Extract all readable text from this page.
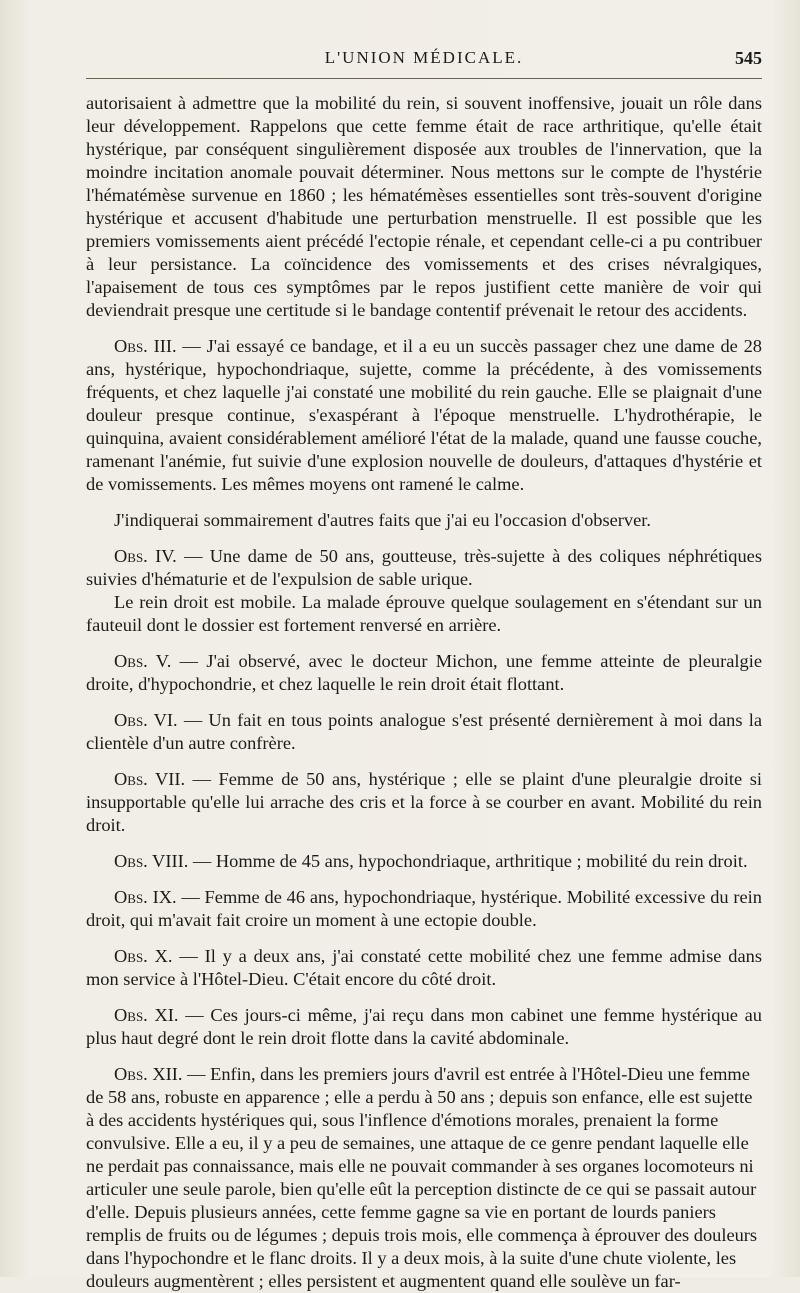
L'UNION MÉDICALE.	545

autorisaient à admettre que la mobilité du rein, si souvent inoffensive, jouait un rôle dans leur développement. Rappelons que cette femme était de race arthritique, qu'elle était hystérique, par conséquent singulièrement disposée aux troubles de l'innervation, que la moindre incitation anomale pouvait déterminer. Nous mettons sur le compte de l'hystérie l'hématémèse survenue en 1860 ; les hématémèses essentielles sont très-souvent d'origine hystérique et accusent d'habitude une perturbation menstruelle. Il est possible que les premiers vomissements aient précédé l'ectopie rénale, et cependant celle-ci a pu contribuer à leur persistance. La coïncidence des vomissements et des crises névralgiques, l'apaisement de tous ces symptômes par le repos justifient cette manière de voir qui deviendrait presque une certitude si le bandage contentif prévenait le retour des accidents.

Obs. III. — J'ai essayé ce bandage, et il a eu un succès passager chez une dame de 28 ans, hystérique, hypochondriaque, sujette, comme la précédente, à des vomissements fréquents, et chez laquelle j'ai constaté une mobilité du rein gauche. Elle se plaignait d'une douleur presque continue, s'exaspérant à l'époque menstruelle. L'hydrothérapie, le quinquina, avaient considérablement amélioré l'état de la malade, quand une fausse couche, ramenant l'anémie, fut suivie d'une explosion nouvelle de douleurs, d'attaques d'hystérie et de vomissements. Les mêmes moyens ont ramené le calme.

J'indiquerai sommairement d'autres faits que j'ai eu l'occasion d'observer.

Obs. IV. — Une dame de 50 ans, goutteuse, très-sujette à des coliques néphrétiques suivies d'hématurie et de l'expulsion de sable urique.

Le rein droit est mobile. La malade éprouve quelque soulagement en s'étendant sur un fauteuil dont le dossier est fortement renversé en arrière.

Obs. V. — J'ai observé, avec le docteur Michon, une femme atteinte de pleuralgie droite, d'hypochondrie, et chez laquelle le rein droit était flottant.

Obs. VI. — Un fait en tous points analogue s'est présenté dernièrement à moi dans la clientèle d'un autre confrère.

Obs. VII. — Femme de 50 ans, hystérique ; elle se plaint d'une pleuralgie droite si insupportable qu'elle lui arrache des cris et la force à se courber en avant. Mobilité du rein droit.

Obs. VIII. — Homme de 45 ans, hypochondriaque, arthritique ; mobilité du rein droit.

Obs. IX. — Femme de 46 ans, hypochondriaque, hystérique. Mobilité excessive du rein droit, qui m'avait fait croire un moment à une ectopie double.

Obs. X. — Il y a deux ans, j'ai constaté cette mobilité chez une femme admise dans mon service à l'Hôtel-Dieu. C'était encore du côté droit.

Obs. XI. — Ces jours-ci même, j'ai reçu dans mon cabinet une femme hystérique au plus haut degré dont le rein droit flotte dans la cavité abdominale.

Obs. XII. — Enfin, dans les premiers jours d'avril est entrée à l'Hôtel-Dieu une femme de 58 ans, robuste en apparence ; elle a perdu à 50 ans ; depuis son enfance, elle est sujette à des accidents hystériques qui, sous l'inflence d'émotions morales, prenaient la forme convulsive. Elle a eu, il y a peu de semaines, une attaque de ce genre pendant laquelle elle ne perdait pas connaissance, mais elle ne pouvait commander à ses organes locomoteurs ni articuler une seule parole, bien qu'elle eût la perception distincte de ce qui se passait autour d'elle. Depuis plusieurs années, cette femme gagne sa vie en portant de lourds paniers remplis de fruits ou de légumes ; depuis trois mois, elle commença à éprouver des douleurs dans l'hypochondre et le flanc droits. Il y a deux mois, à la suite d'une chute violente, les douleurs augmentèrent ; elles persistent et augmentent quand elle soulève un far-
